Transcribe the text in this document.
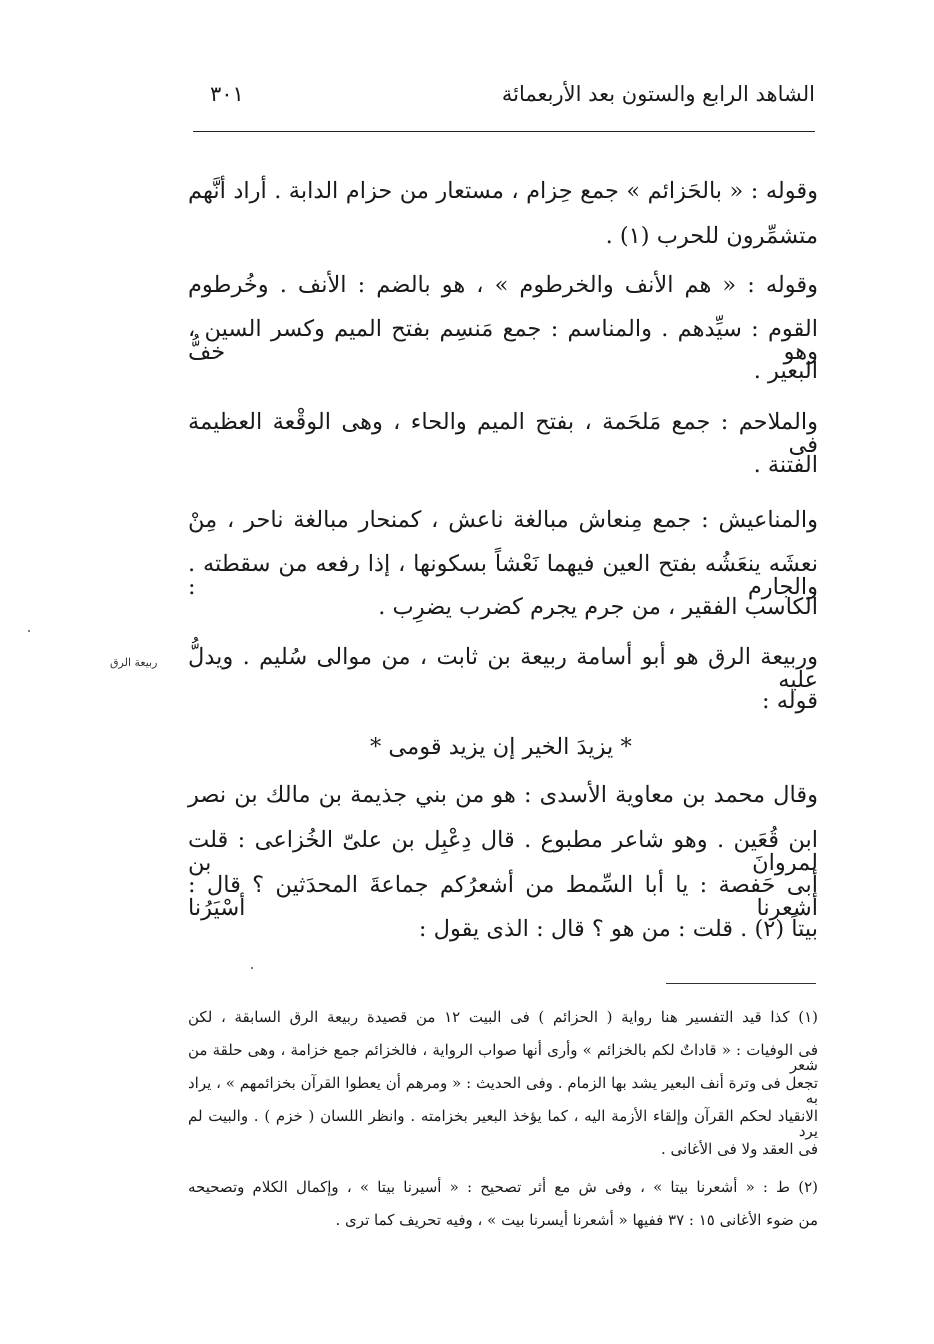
الشاهد الرابع والستون بعد الأربعمائة
٣٠١
وقوله : « بالحَزائم » جمع حِزام ، مستعار من حزام الدابة . أراد أنَّهم
متشمِّرون للحرب (١) .
وقوله : « هم الأنف والخرطوم » ، هو بالضم : الأنف . وخُرطوم
القوم : سيِّدهم . والمناسم : جمع مَنسِم بفتح الميم وكسر السين ، وهو خفُّ
البعير .
والملاحم : جمع مَلحَمة ، بفتح الميم والحاء ، وهى الوقْعة العظيمة فى
الفتنة .
والمناعيش : جمع مِنعاش مبالغة ناعش ، كمنحار مبالغة ناحر ، مِنْ
نعشَه ينعَشُه بفتح العين فيهما نَعْشاً بسكونها ، إذا رفعه من سقطته . والجارم :
الكاسب الفقير ، من جرم يجرم كضرب يضرِب .
وربيعة الرق هو أبو أسامة ربيعة بن ثابت ، من موالى سُليم . ويدلُّ عليه
قوله :
* يزيدَ الخير إن يزيد قومى *
وقال محمد بن معاوية الأسدى : هو من بني جذيمة بن مالك بن نصر
ابن قُعَين . وهو شاعر مطبوع . قال دِعْبِل بن علىّ الخُزاعى : قلت لمروانَ بن
أبى حَفصة : يا أبا السِّمط من أشعرُكم جماعةَ المحدَثين ؟ قال : أشعرنا أسْيَرُنا
بيتاً (٢) . قلت : من هو ؟ قال : الذى يقول :
ربيعة الرق
(١) كذا قيد التفسير هنا رواية ( الحزائم ) فى البيت ١٢ من قصيدة ربيعة الرق السابقة ، لكن
فى الوفيات : « قاداتٌ لكم بالخزائم » وأرى أنها صواب الرواية ، فالخزائم جمع خزامة ، وهى حلقة من شعر
تجعل فى وترة أنف البعير يشد بها الزمام . وفى الحديث : « ومرهم أن يعطوا القرآن بخزائمهم » ، يراد به
الانقياد لحكم القرآن وإلقاء الأزمة اليه ، كما يؤخذ البعير بخزامته . وانظر اللسان ( خزم ) . والبيت لم يرد
فى العقد ولا فى الأغانى .
(٢) ط : « أشعرنا بيتا » ، وفى ش مع أثر تصحيح : « أسيرنا بيتا » ، وإكمال الكلام وتصحيحه
من ضوء الأغانى ١٥ : ٣٧ ففيها « أشعرنا أيسرنا بيت » ، وفيه تحريف كما ترى .
